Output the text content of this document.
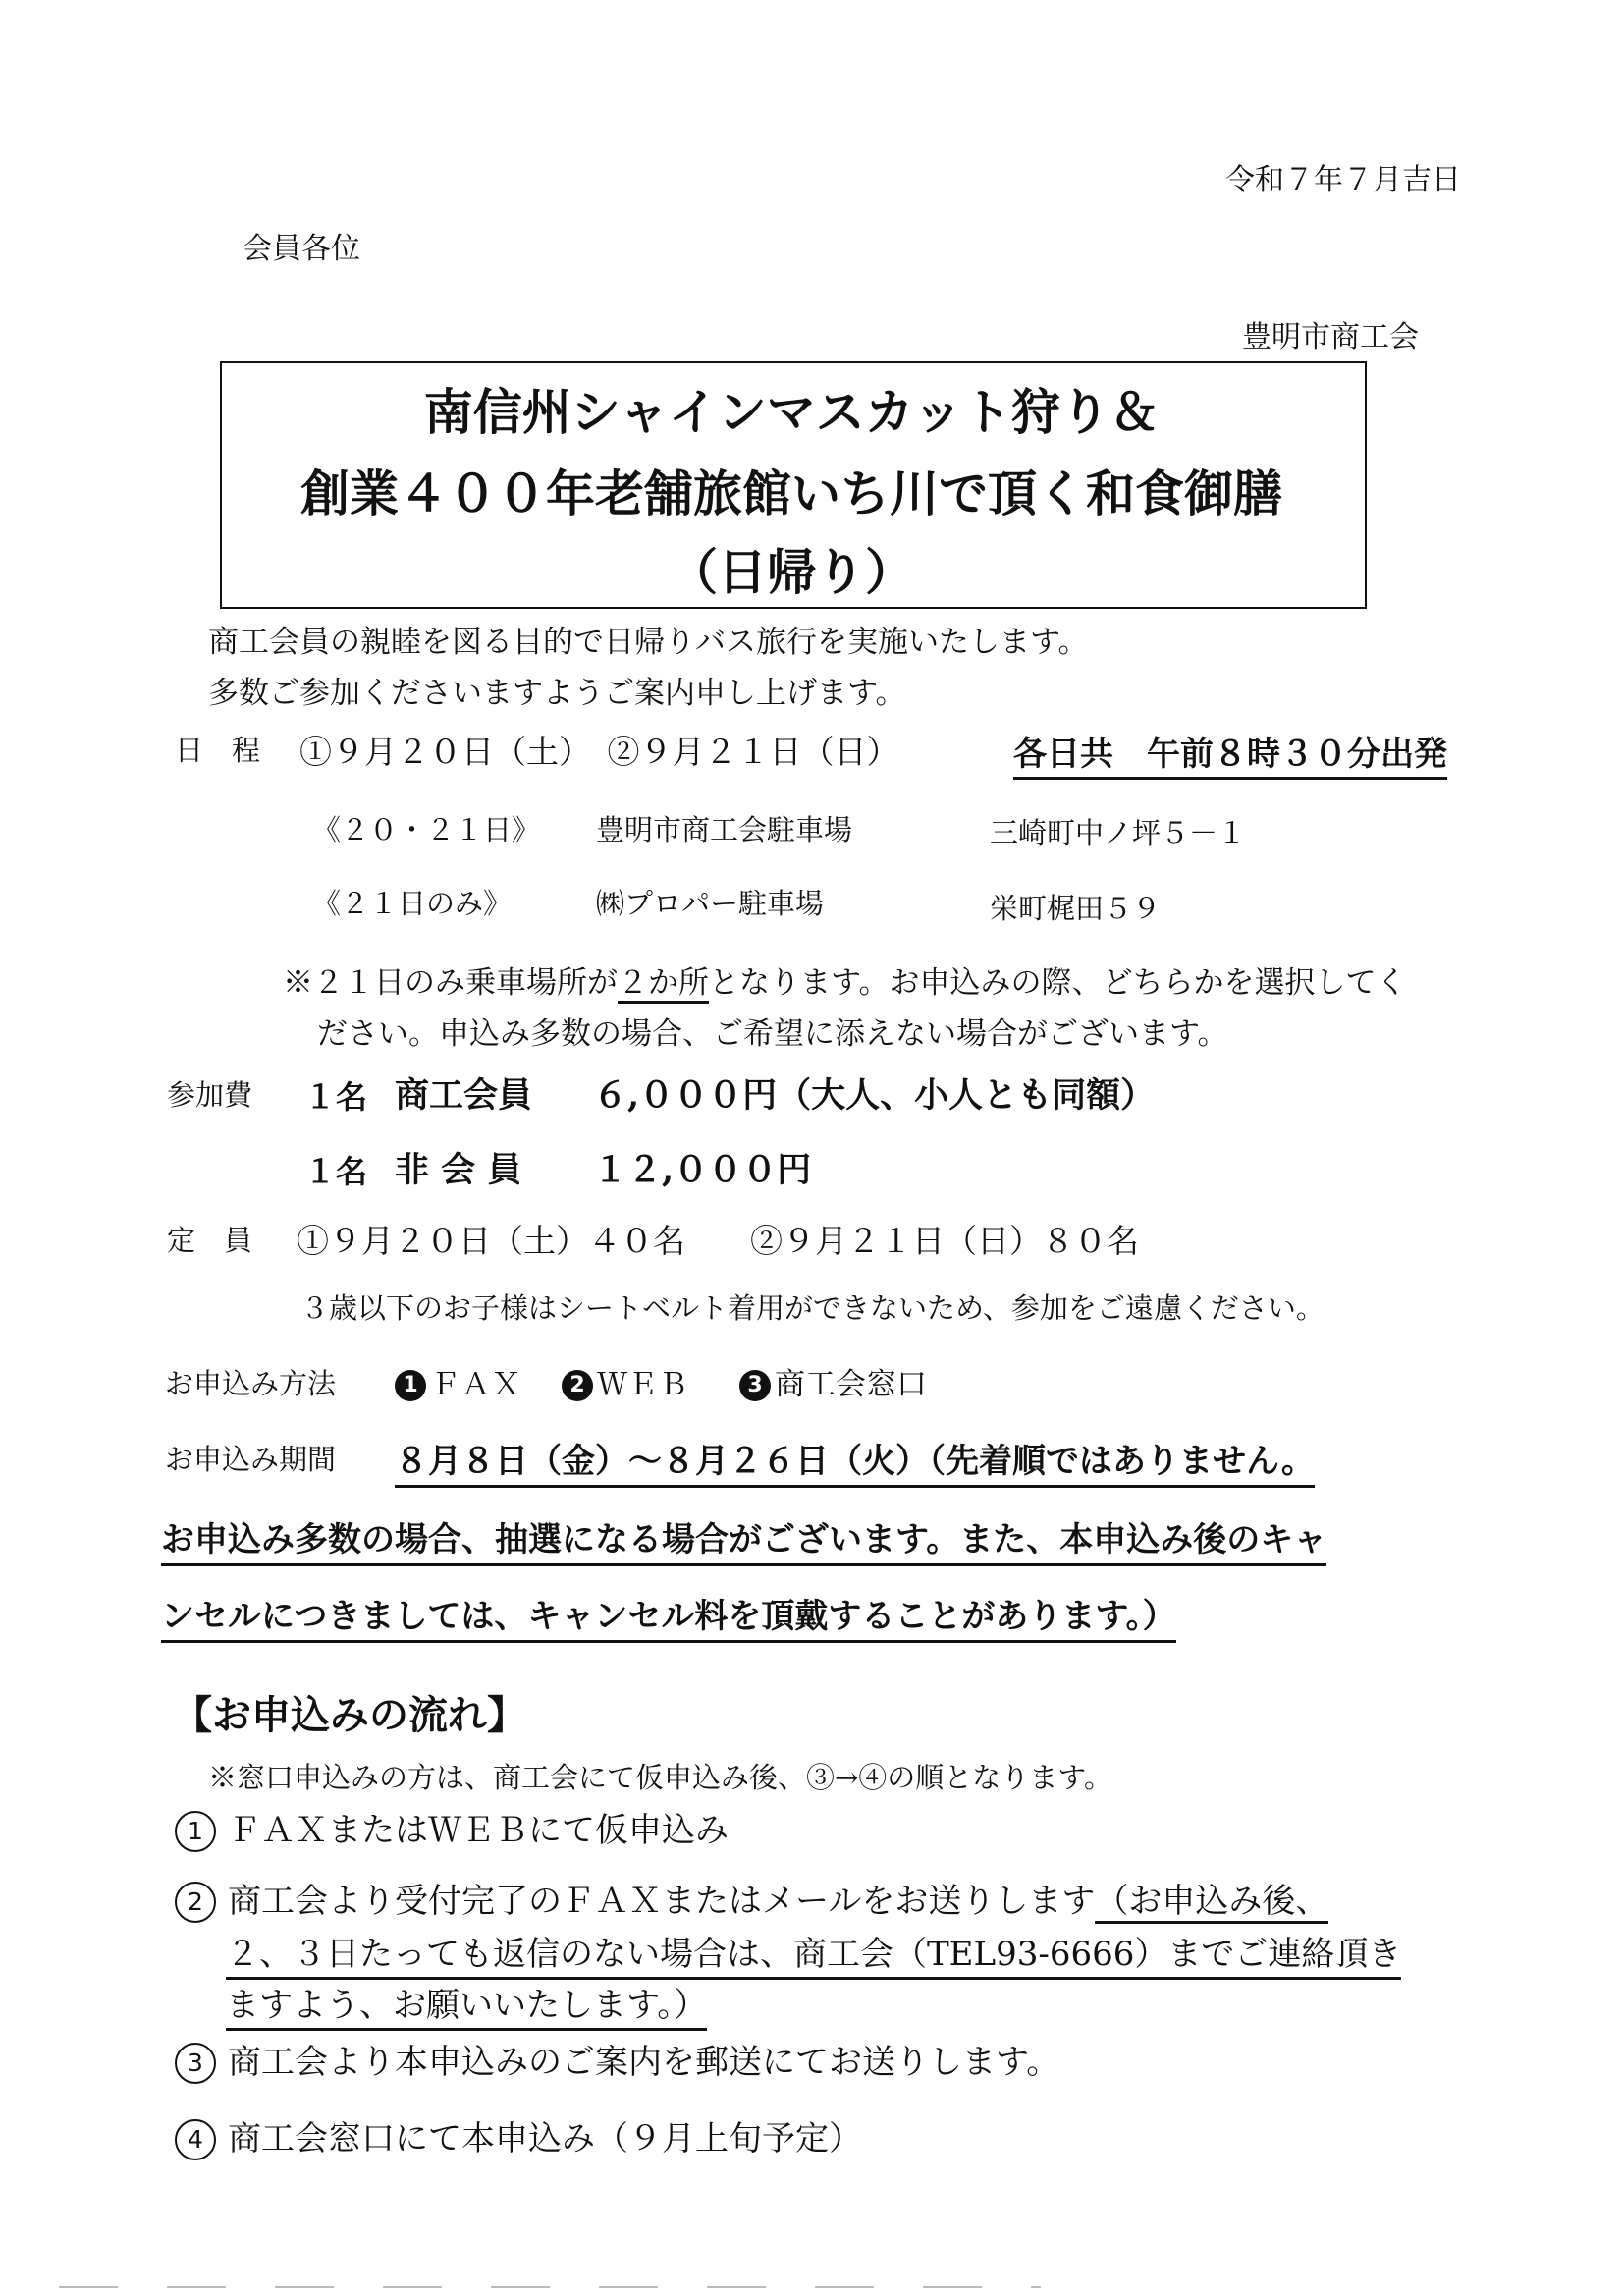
令和７年７月吉日
会員各位
豊明市商工会
南信州シャインマスカット狩り＆
創業４００年老舗旅館いち川で頂く和食御膳
（日帰り）
商工会員の親睦を図る目的で日帰りバス旅行を実施いたします。
多数ご参加くださいますようご案内申し上げます。
日　程 ①９月２０日（土）　②９月２１日（日）	各日共　午前８時３０分出発
《２０・２１日》 豊明市商工会駐車場	三崎町中ノ坪５－１
《２１日のみ》	㈱プロパー駐車場	栄町梶田５９
※２１日のみ乗車場所が２か所となります。お申込みの際、どちらかを選択してく
ださい。申込み多数の場合、ご希望に添えない場合がございます。
参加費 １名 商工会員 ６,０００円（大人、小人とも同額）
１名 非 会 員 １２,０００円
定　員 ①９月２０日（土）４０名　　②９月２１日（日）８０名
３歳以下のお子様はシートベルト着用ができないため、参加をご遠慮ください。
お申込み方法	1 ＦＡＸ	2 ＷＥＢ	3 商工会窓口
お申込み期間 ８月８日（金）～８月２６日（火）（先着順ではありません。
お申込み多数の場合、抽選になる場合がございます。また、本申込み後のキャ
ンセルにつきましては、キャンセル料を頂戴することがあります。）
【お申込みの流れ】
※窓口申込みの方は、商工会にて仮申込み後、③→④の順となります。
1 ＦＡＸまたはＷＥＢにて仮申込み
2 商工会より受付完了のＦＡＸまたはメールをお送りします（お申込み後、
２、３日たっても返信のない場合は、商工会（TEL93-6666）までご連絡頂き
ますよう、お願いいたします。）
3 商工会より本申込みのご案内を郵送にてお送りします。
4 商工会窓口にて本申込み（９月上旬予定）
